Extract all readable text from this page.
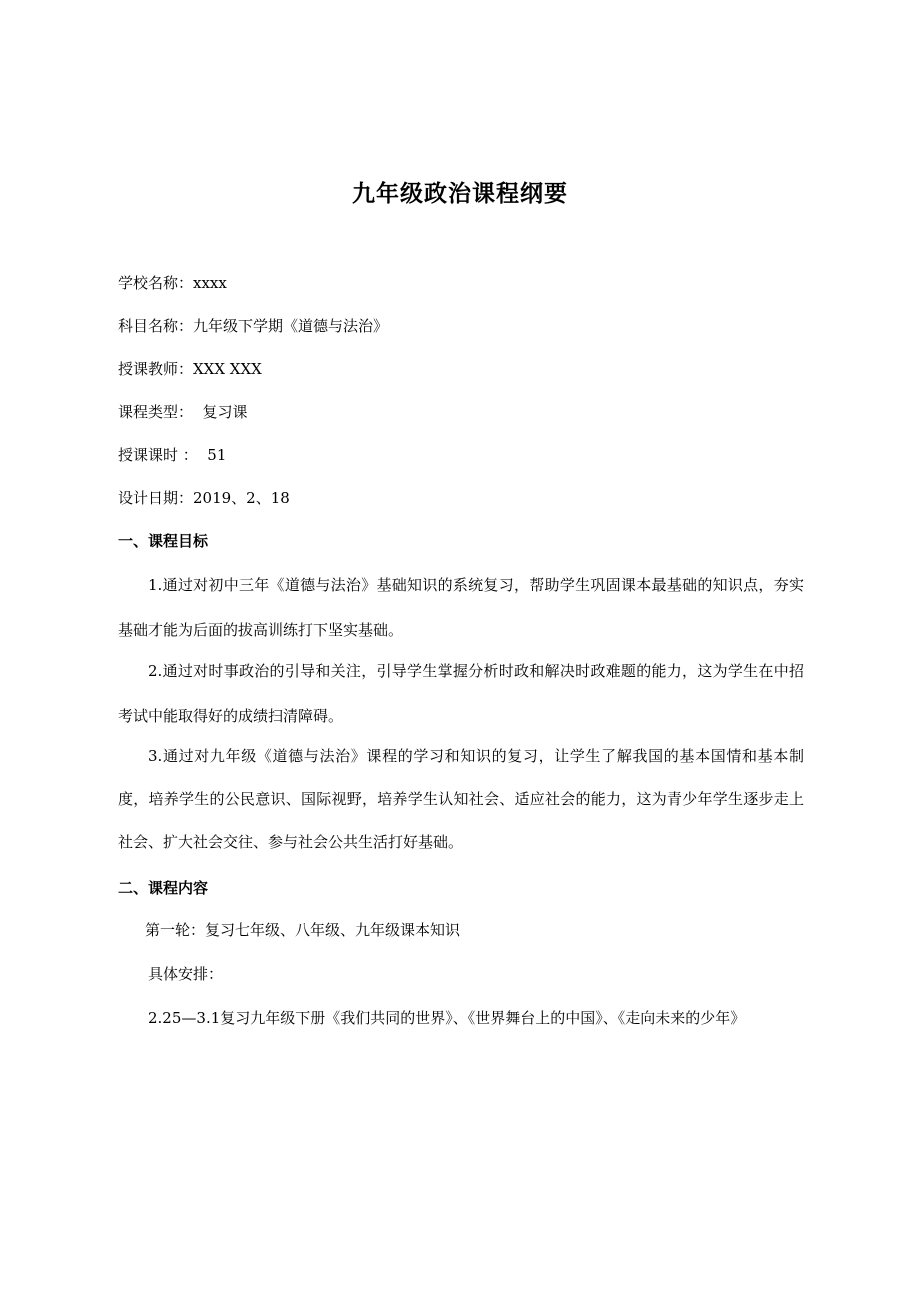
九年级政治课程纲要
学校名称：xxxx
科目名称：九年级下学期《道德与法治》
授课教师：XXX XXX
课程类型：  复习课
授课课时 ：  51
设计日期：2019、2、18
一、课程目标
1.通过对初中三年《道德与法治》基础知识的系统复习，帮助学生巩固课本最基础的知识点，夯实基础才能为后面的拔高训练打下坚实基础。
2.通过对时事政治的引导和关注，引导学生掌握分析时政和解决时政难题的能力，这为学生在中招考试中能取得好的成绩扫清障碍。
3.通过对九年级《道德与法治》课程的学习和知识的复习，让学生了解我国的基本国情和基本制度，培养学生的公民意识、国际视野，培养学生认知社会、适应社会的能力，这为青少年学生逐步走上社会、扩大社会交往、参与社会公共生活打好基础。
二、课程内容
第一轮：复习七年级、八年级、九年级课本知识
具体安排：
2.25—3.1复习九年级下册《我们共同的世界》、《世界舞台上的中国》、《走向未来的少年》
